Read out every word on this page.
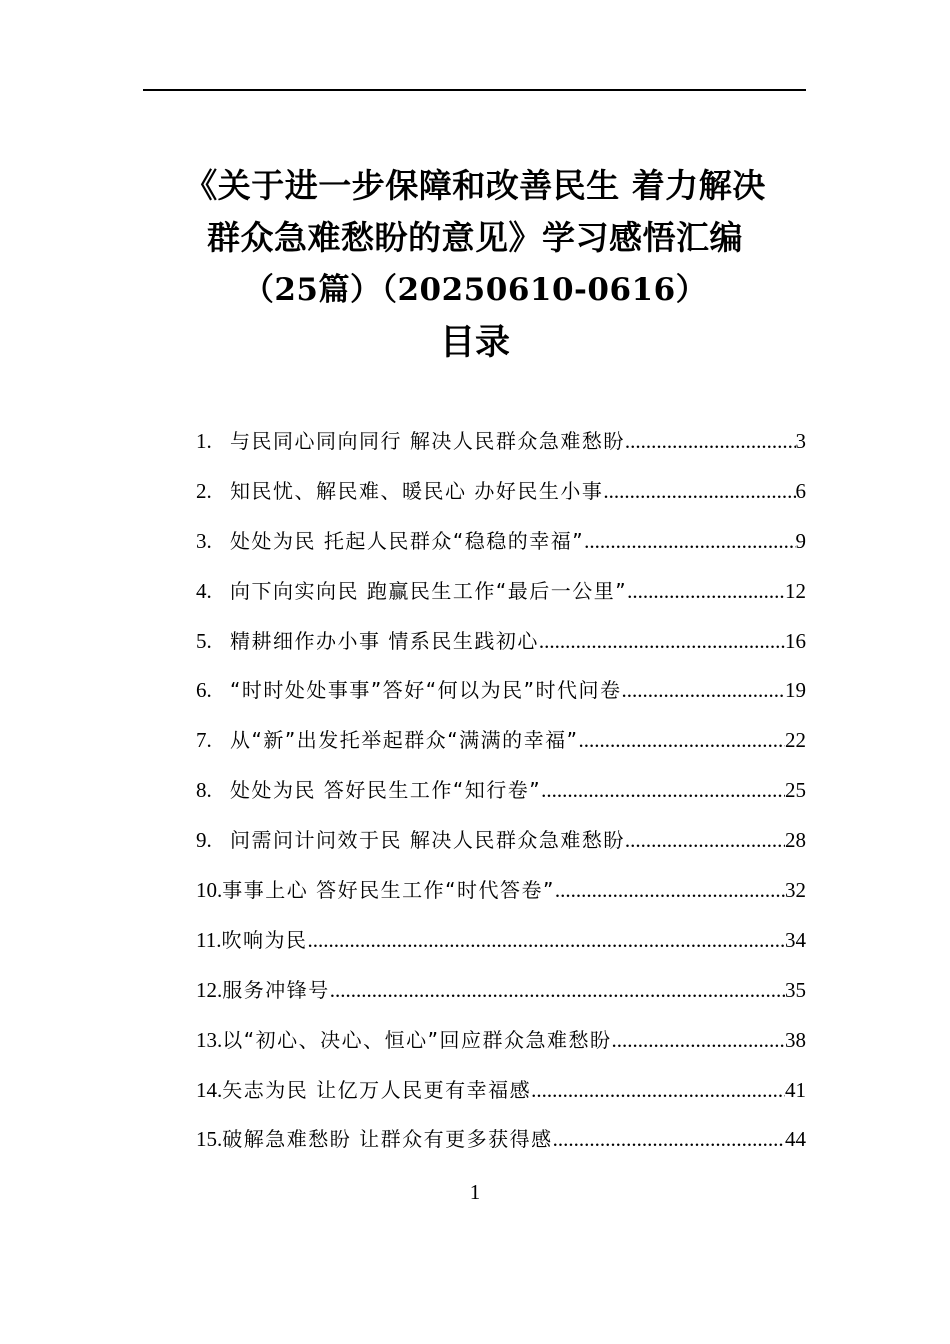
《关于进一步保障和改善民生 着力解决
群众急难愁盼的意见》学习感悟汇编
（25篇）（20250610-0616）
目录
1. 与民同心同向同行 解决人民群众急难愁盼 .....	3
2. 知民忧、解民难、暖民心 办好民生小事 .....	6
3. 处处为民 托起人民群众“稳稳的幸福” .....	9
4. 向下向实向民 跑赢民生工作“最后一公里” .....	12
5. 精耕细作办小事 情系民生践初心 .....	16
6. “时时处处事事”答好“何以为民”时代问卷 .....	19
7. 从“新”出发托举起群众“满满的幸福” .....	22
8. 处处为民 答好民生工作“知行卷” .....	25
9. 问需问计问效于民 解决人民群众急难愁盼 .....	28
10. 事事上心 答好民生工作“时代答卷” .....	32
11. 吹响为民 .....	34
12. 服务冲锋号 .....	35
13. 以“初心、决心、恒心”回应群众急难愁盼 .....	38
14. 矢志为民 让亿万人民更有幸福感 .....	41
15. 破解急难愁盼 让群众有更多获得感 .....	44
1
